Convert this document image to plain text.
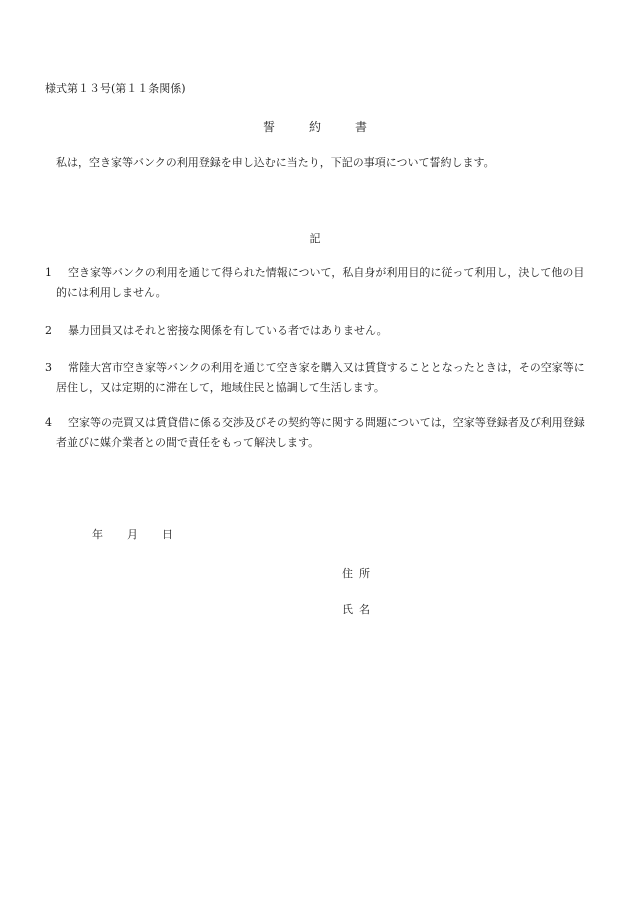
様式第１３号(第１１条関係)
誓	約	書
私は，空き家等バンクの利用登録を申し込むに当たり，下記の事項について誓約します。
記
1	空き家等バンクの利用を通じて得られた情報について，私自身が利用目的に従って利用し，決して他の目的には利用しません。
2	暴力団員又はそれと密接な関係を有している者ではありません。
3	常陸大宮市空き家等バンクの利用を通じて空き家を購入又は賃貸することとなったときは，その空家等に居住し，又は定期的に滞在して，地域住民と協調して生活します。
4	空家等の売買又は賃貸借に係る交渉及びその契約等に関する問題については，空家等登録者及び利用登録者並びに媒介業者との間で責任をもって解決します。
年 月 日
住 所
氏 名
